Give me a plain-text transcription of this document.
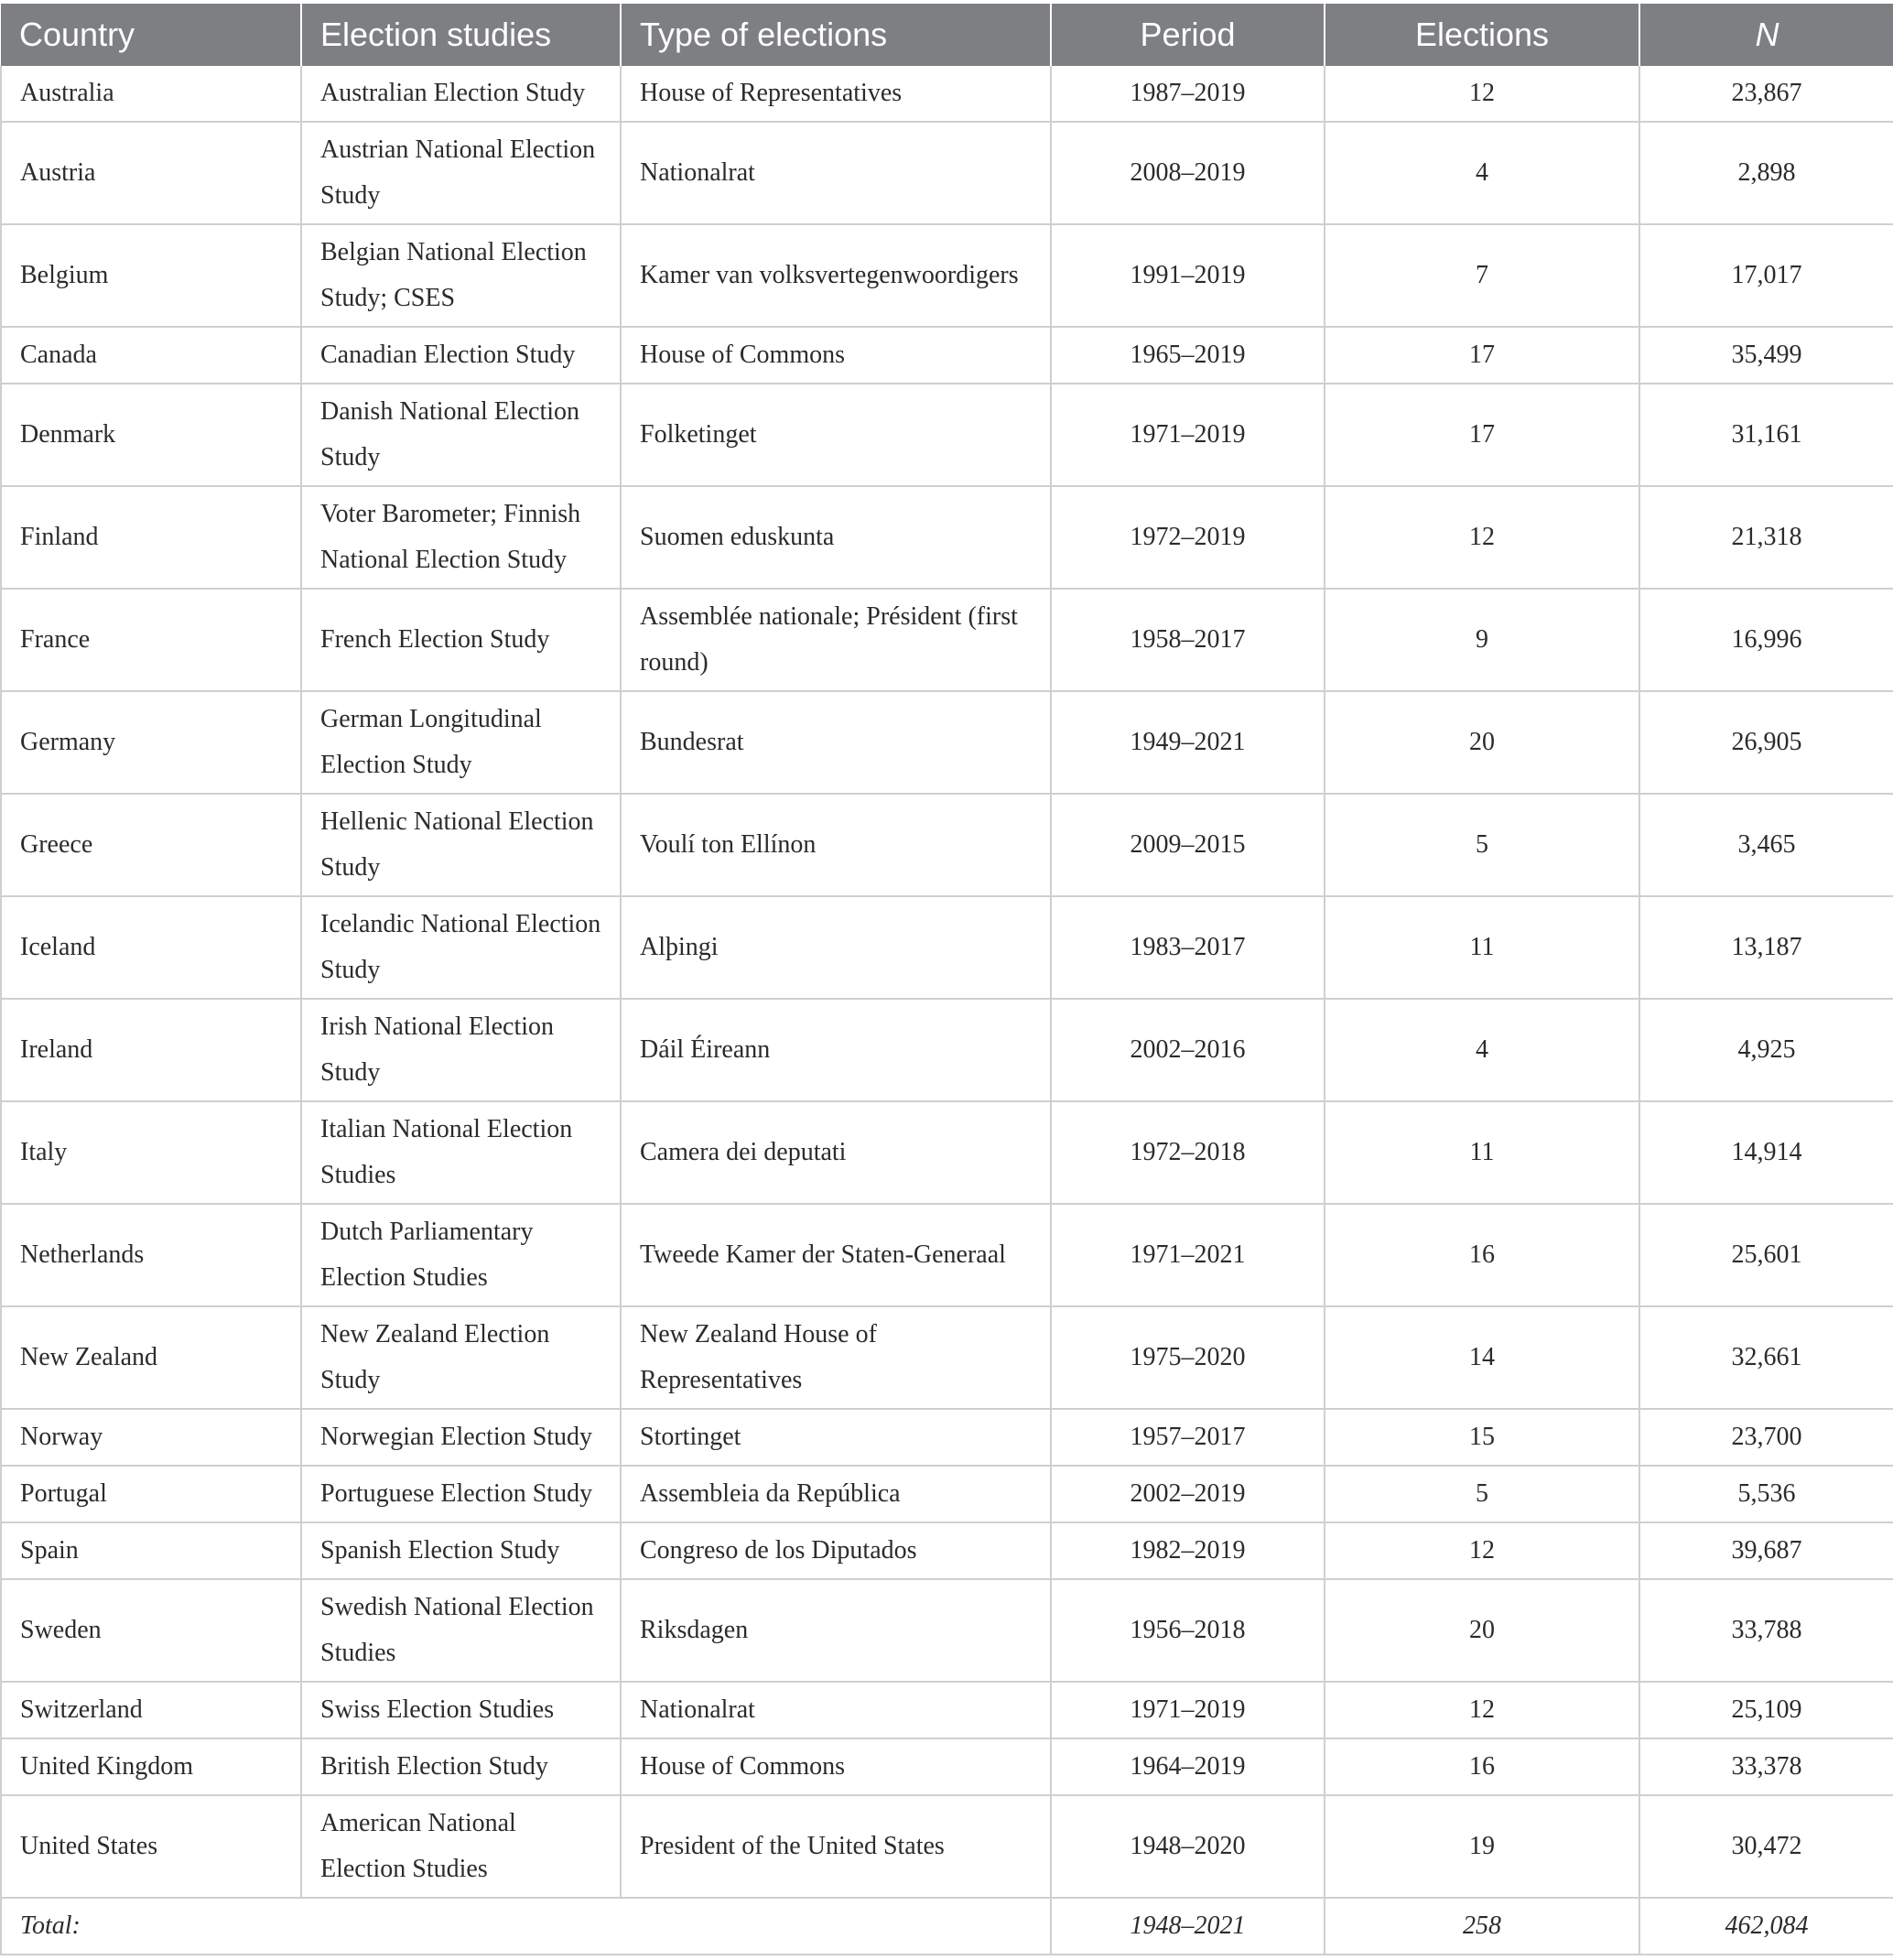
Country	Election studies	Type of elections	Period	Elections	N
Australia	Australian Election Study	House of Representatives	1987–2019	12	23,867
Austria	Austrian National Election Study	Nationalrat	2008–2019	4	2,898
Belgium	Belgian National Election Study; CSES	Kamer van volksvertegenwoordigers	1991–2019	7	17,017
Canada	Canadian Election Study	House of Commons	1965–2019	17	35,499
Denmark	Danish National Election Study	Folketinget	1971–2019	17	31,161
Finland	Voter Barometer; Finnish National Election Study	Suomen eduskunta	1972–2019	12	21,318
France	French Election Study	Assemblée nationale; Président (first round)	1958–2017	9	16,996
Germany	German Longitudinal Election Study	Bundesrat	1949–2021	20	26,905
Greece	Hellenic National Election Study	Voulí ton Ellínon	2009–2015	5	3,465
Iceland	Icelandic National Election Study	Alþingi	1983–2017	11	13,187
Ireland	Irish National Election Study	Dáil Éireann	2002–2016	4	4,925
Italy	Italian National Election Studies	Camera dei deputati	1972–2018	11	14,914
Netherlands	Dutch Parliamentary Election Studies	Tweede Kamer der Staten-Generaal	1971–2021	16	25,601
New Zealand	New Zealand Election Study	New Zealand House of Representatives	1975–2020	14	32,661
Norway	Norwegian Election Study	Stortinget	1957–2017	15	23,700
Portugal	Portuguese Election Study	Assembleia da República	2002–2019	5	5,536
Spain	Spanish Election Study	Congreso de los Diputados	1982–2019	12	39,687
Sweden	Swedish National Election Studies	Riksdagen	1956–2018	20	33,788
Switzerland	Swiss Election Studies	Nationalrat	1971–2019	12	25,109
United Kingdom	British Election Study	House of Commons	1964–2019	16	33,378
United States	American National Election Studies	President of the United States	1948–2020	19	30,472
Total:			1948–2021	258	462,084
